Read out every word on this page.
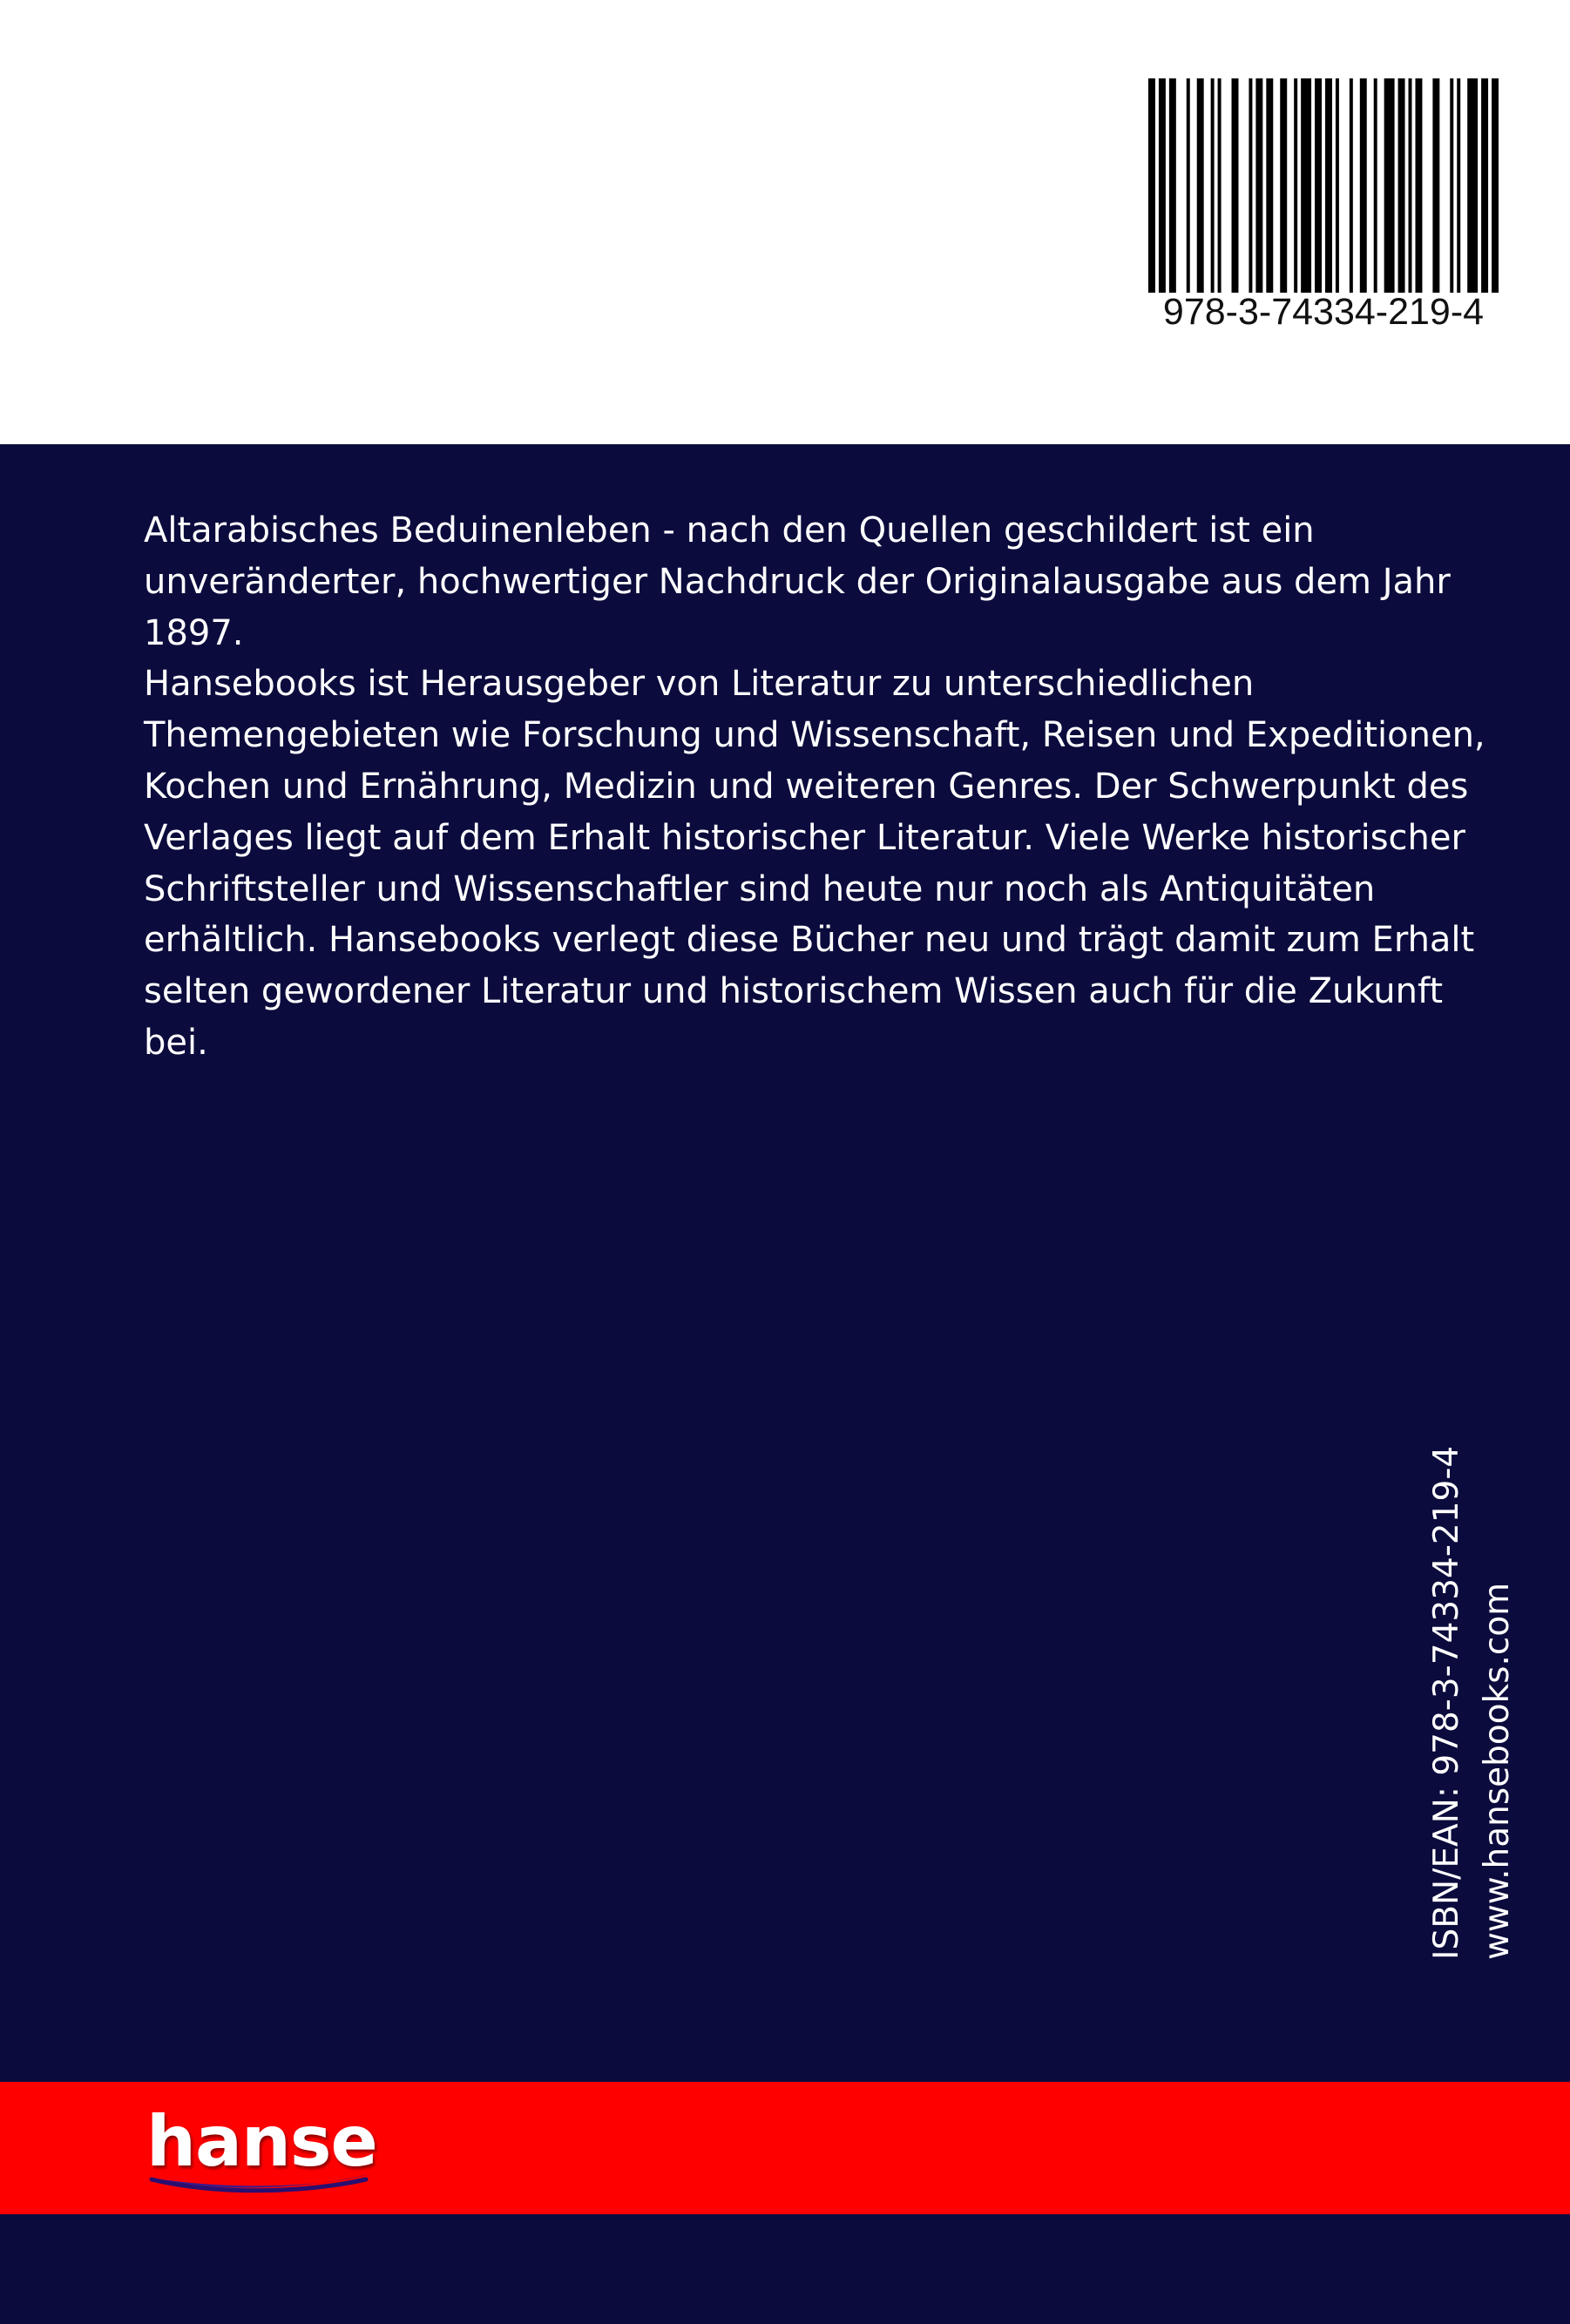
978-3-74334-219-4

Altarabisches Beduinenleben - nach den Quellen geschildert ist ein unveränderter, hochwertiger Nachdruck der Originalausgabe aus dem Jahr 1897.

Hansebooks ist Herausgeber von Literatur zu unterschiedlichen Themengebieten wie Forschung und Wissenschaft, Reisen und Expeditionen, Kochen und Ernährung, Medizin und weiteren Genres. Der Schwerpunkt des Verlages liegt auf dem Erhalt historischer Literatur. Viele Werke historischer Schriftsteller und Wissenschaftler sind heute nur noch als Antiquitäten erhältlich. Hansebooks verlegt diese Bücher neu und trägt damit zum Erhalt selten gewordener Literatur und historischem Wissen auch für die Zukunft bei.

ISBN/EAN: 978-3-74334-219-4 www.hansebooks.com
hanse
